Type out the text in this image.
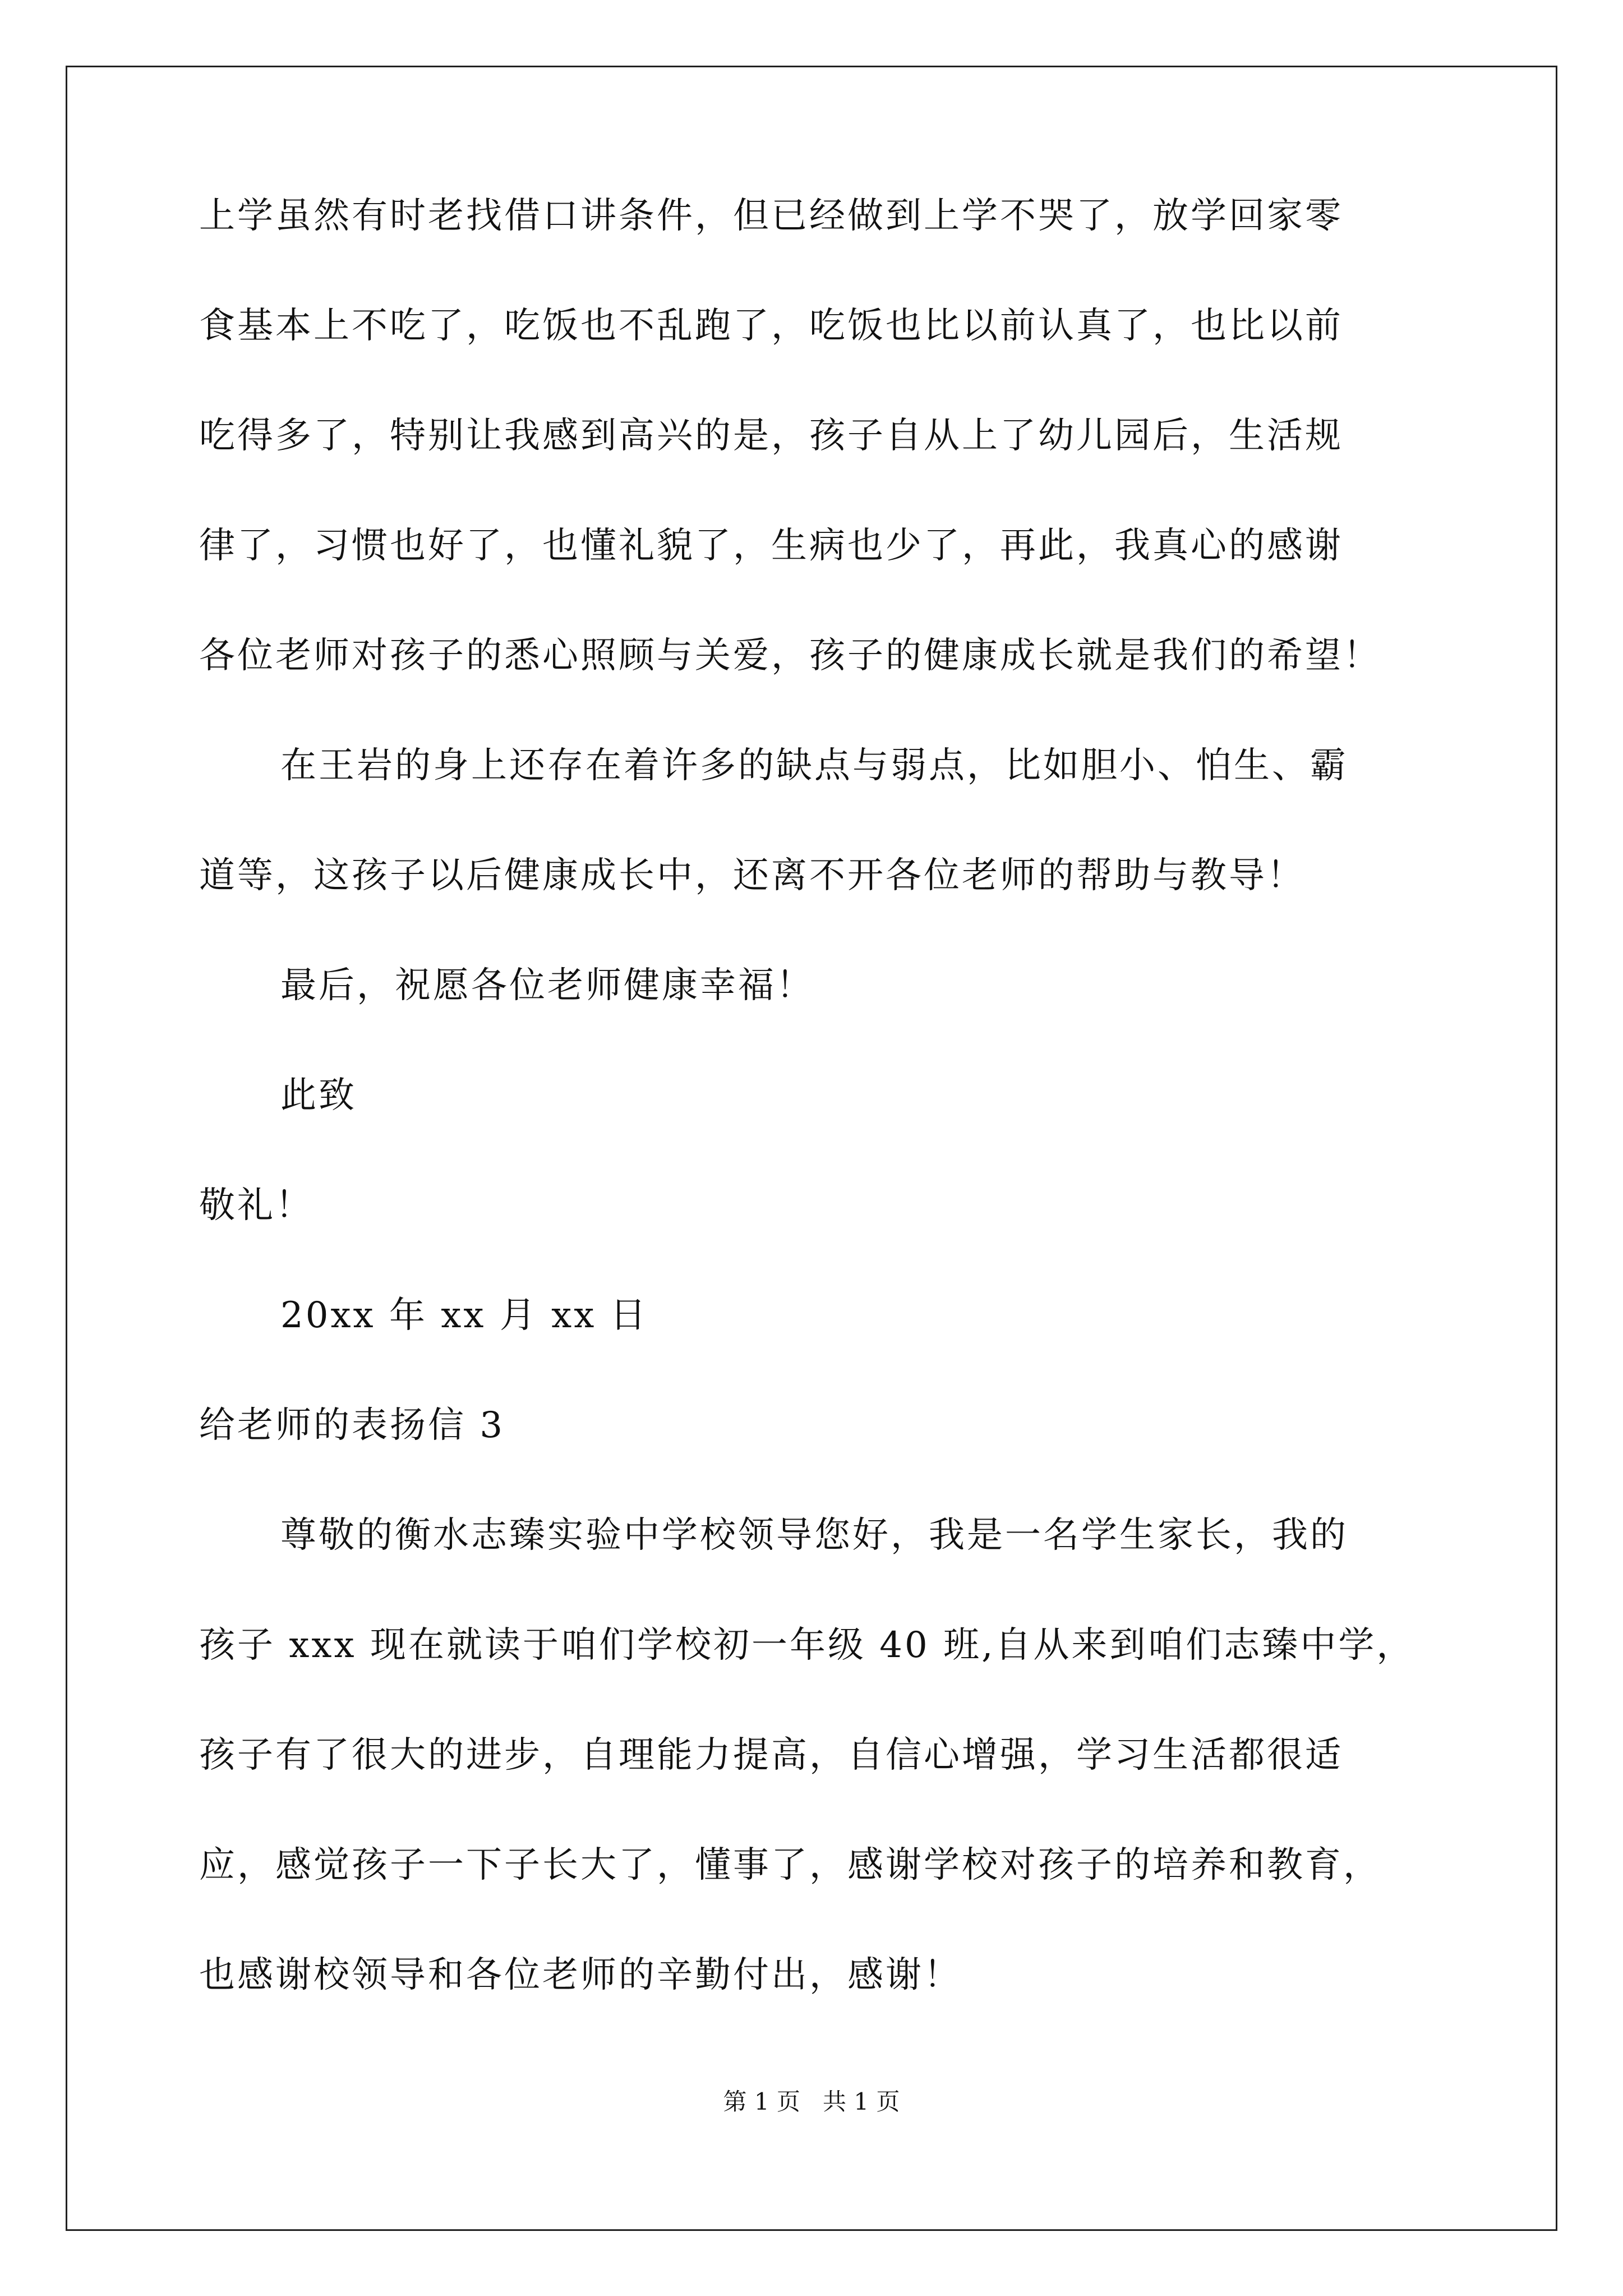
上学虽然有时老找借口讲条件，但已经做到上学不哭了，放学回家零

食基本上不吃了，吃饭也不乱跑了，吃饭也比以前认真了，也比以前

吃得多了，特别让我感到高兴的是，孩子自从上了幼儿园后，生活规

律了，习惯也好了，也懂礼貌了，生病也少了，再此，我真心的感谢

各位老师对孩子的悉心照顾与关爱，孩子的健康成长就是我们的希望！

在王岩的身上还存在着许多的缺点与弱点，比如胆小、怕生、霸

道等，这孩子以后健康成长中，还离不开各位老师的帮助与教导！

最后，祝愿各位老师健康幸福！

此致

敬礼！

20xx 年 xx 月 xx 日

给老师的表扬信 3

尊敬的衡水志臻实验中学校领导您好，我是一名学生家长，我的

孩子 xxx 现在就读于咱们学校初一年级 40 班,自从来到咱们志臻中学，

孩子有了很大的进步，自理能力提高，自信心增强，学习生活都很适

应，感觉孩子一下子长大了，懂事了，感谢学校对孩子的培养和教育，

也感谢校领导和各位老师的辛勤付出，感谢！

第 1 页   共 1 页
